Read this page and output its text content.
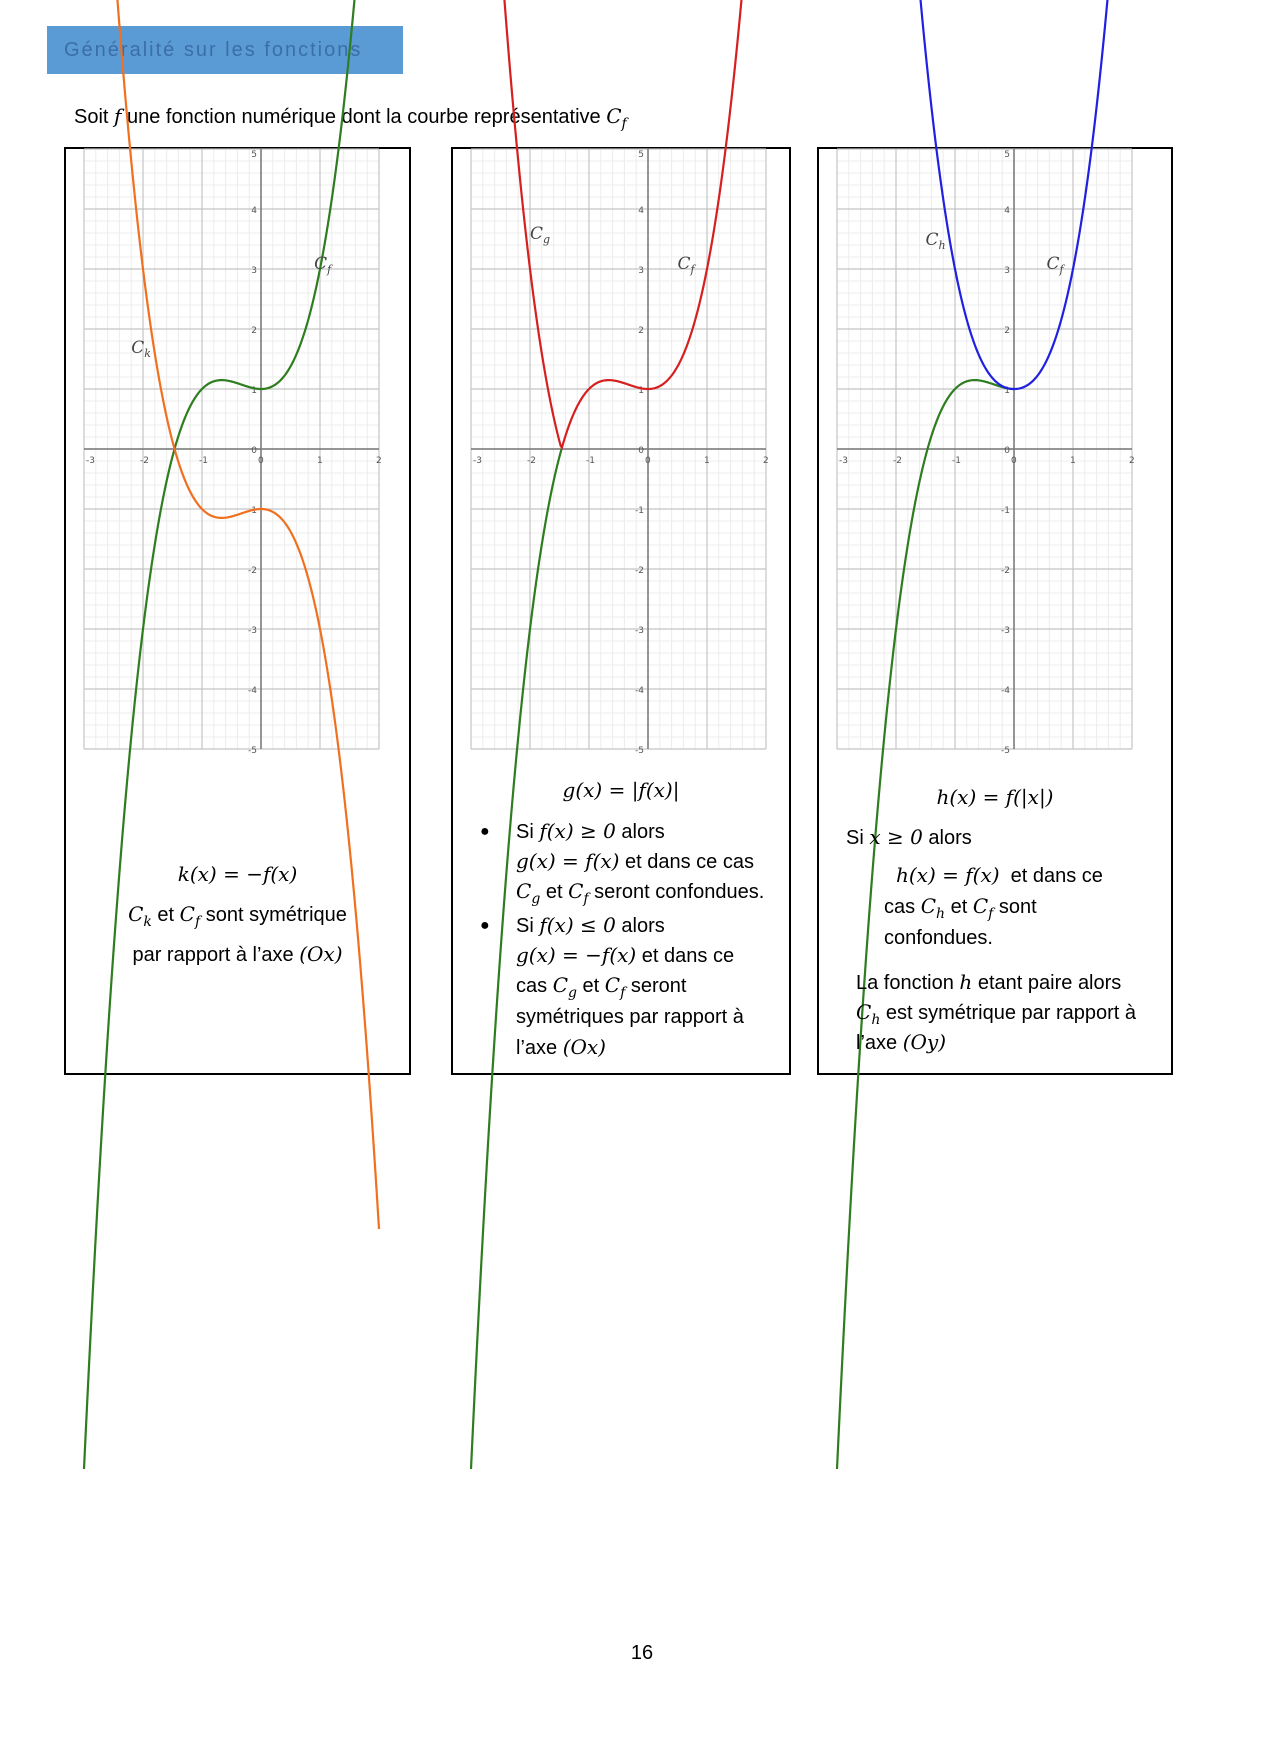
Généralité sur les fonctions
Soit f une fonction numérique dont la courbe représentative $C_f$
-3	-2	-1	0	1	2
5
4
3
2
1
0
-1
-2
-3
-4
-5
$C_f$
$C_k$
k(x) = −f(x)
$C_k$ et $C_f$ sont symétrique
par rapport à l’axe (Ox)
-3	-2	-1	0	1	2
5
4
3
2
1
0
-1
-2
-3
-4
-5
$C_g$
$C_f$
g(x) = |f(x)|
● Si f(x) ≥ 0 alors
g(x) = f(x) et dans ce cas
$C_g$ et $C_f$ seront confondues.
● Si f(x) ≤ 0 alors
g(x) = −f(x) et dans ce
cas $C_g$ et $C_f$ seront
symétriques par rapport à
l’axe (Ox)
-3	-2	-1	0	1	2
5
4
3
2
1
0
-1
-2
-3
-4
-5
$C_h$
$C_f$
h(x) = f(|x|)
Si x ≥ 0 alors
h(x) = f(x)  et dans ce
cas $C_h$ et $C_f$ sont
confondues.
La fonction h etant paire alors
$C_h$ est symétrique par rapport à
l’axe (Oy)
16
